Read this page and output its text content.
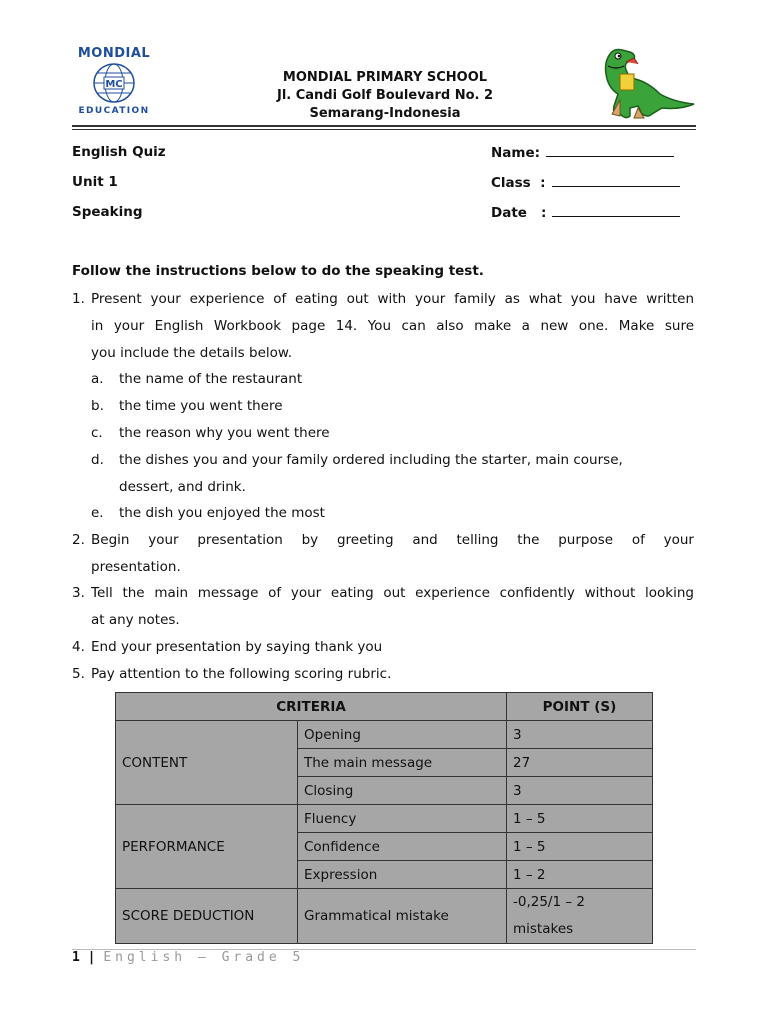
MONDIAL
MC
EDUCATION
MONDIAL PRIMARY SCHOOL
Jl. Candi Golf Boulevard No. 2
Semarang-Indonesia
English Quiz
Unit 1
Speaking
Name:
Class  :
Date   :
Follow the instructions below to do the speaking test.
1. Present your experience of eating out with your family as what you have written
in your English Workbook page 14. You can also make a new one. Make sure
you include the details below.
a. the name of the restaurant
b. the time you went there
c. the reason why you went there
d. the dishes you and your family ordered including the starter, main course,
dessert, and drink.
e. the dish you enjoyed the most
2. Begin your presentation by greeting and telling the purpose of your
presentation.
3. Tell the main message of your eating out experience confidently without looking
at any notes.
4. End your presentation by saying thank you
5. Pay attention to the following scoring rubric.
CRITERIA		POINT (S)
CONTENT	Opening	3
	The main message	27
	Closing	3
PERFORMANCE	Fluency	1 – 5
	Confidence	1 – 5
	Expression	1 – 2
SCORE DEDUCTION	Grammatical mistake	-0,25/1 – 2
mistakes
1 | English – Grade 5
